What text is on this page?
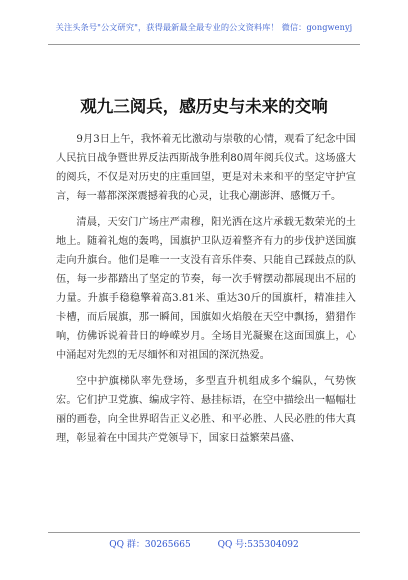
关注头条号"公文研究"，获得最新最全最专业的公文资料库！ 微信：gongwenyj
观九三阅兵，感历史与未来的交响

9月3日上午，我怀着无比激动与崇敬的心情，观看了纪念中国人民抗日战争暨世界反法西斯战争胜利80周年阅兵仪式。这场盛大的阅兵，不仅是对历史的庄重回望，更是对未来和平的坚定守护宣言，每一幕都深深震撼着我的心灵，让我心潮澎湃、感慨万千。

清晨，天安门广场庄严肃穆，阳光洒在这片承载无数荣光的土地上。随着礼炮的轰鸣，国旗护卫队迈着整齐有力的步伐护送国旗走向升旗台。他们是唯一一支没有音乐伴奏、只能自己踩鼓点的队伍，每一步都踏出了坚定的节奏，每一次手臂摆动都展现出不屈的力量。升旗手稳稳擎着高3.81米、重达30斤的国旗杆，精准挂入卡槽，而后展旗，那一瞬间，国旗如火焰般在天空中飘扬，猎猎作响，仿佛诉说着昔日的峥嵘岁月。全场目光凝聚在这面国旗上，心中涌起对先烈的无尽缅怀和对祖国的深沉热爱。

空中护旗梯队率先登场，多型直升机组成多个编队，气势恢宏。它们护卫党旗、编成字符、悬挂标语，在空中描绘出一幅幅壮丽的画卷，向全世界昭告正义必胜、和平必胜、人民必胜的伟大真理，彰显着在中国共产党领导下，国家日益繁荣昌盛、

QQ 群：30265665	QQ 号:535304092
